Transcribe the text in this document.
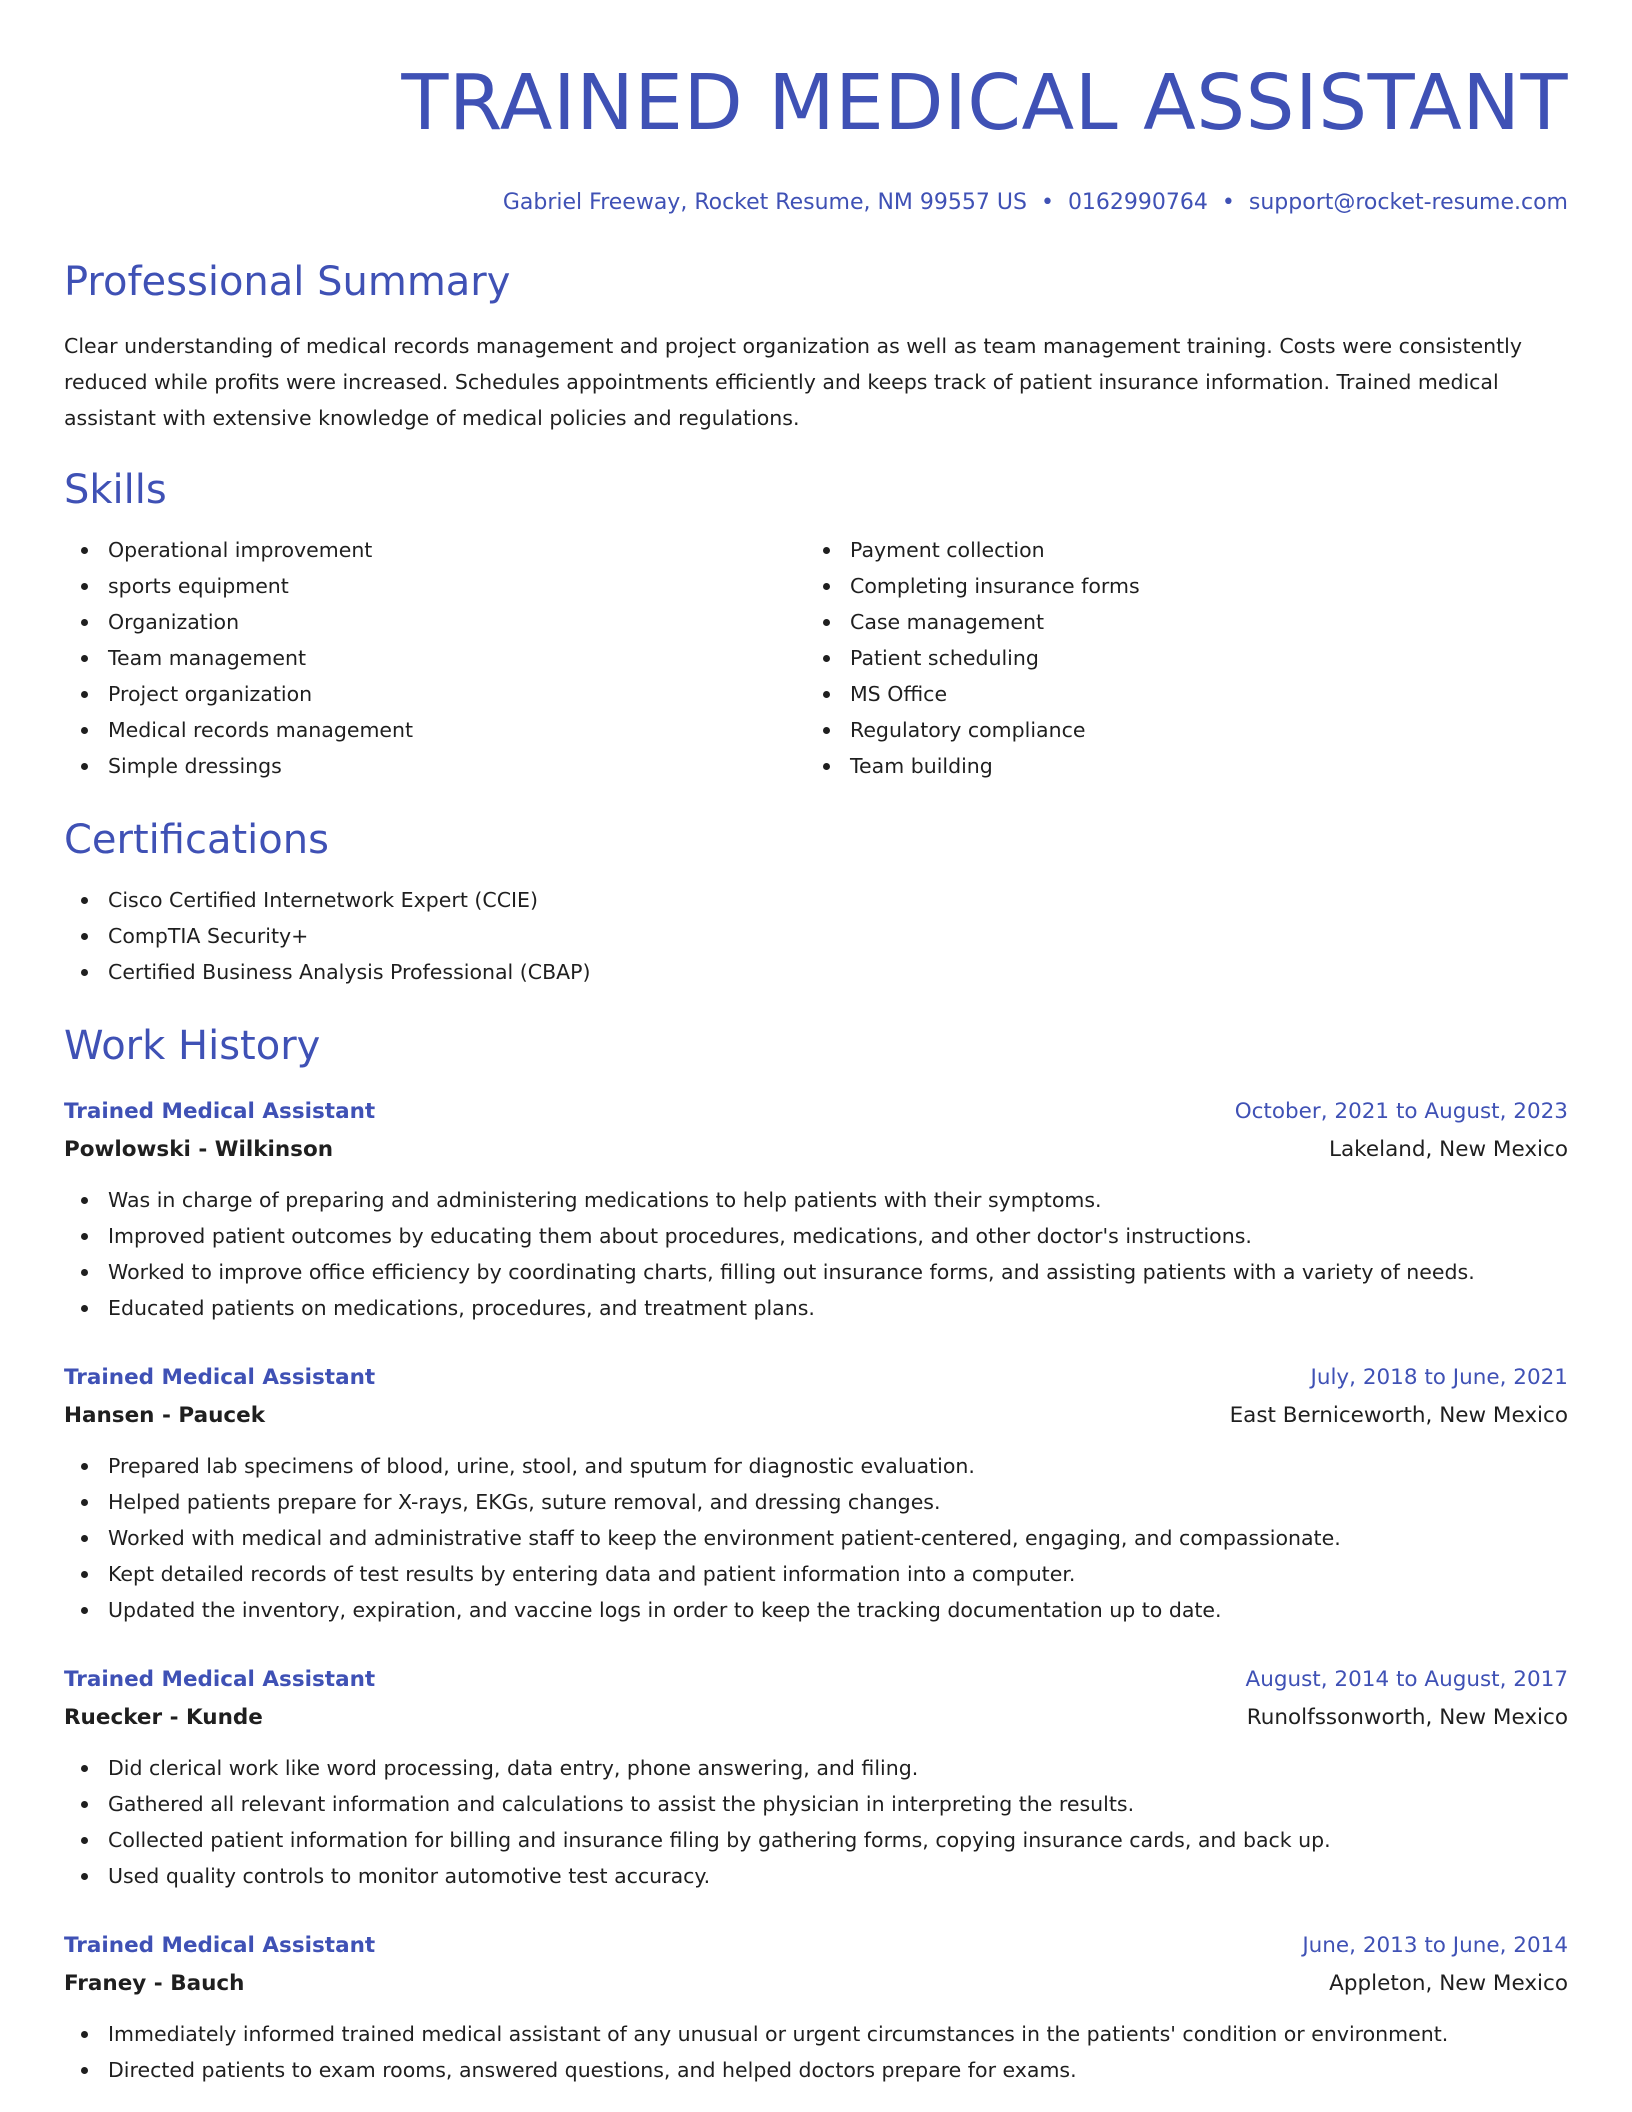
TRAINED MEDICAL ASSISTANT
Gabriel Freeway, Rocket Resume, NM 99557 US • 0162990764 • support@rocket-resume.com
Professional Summary
Clear understanding of medical records management and project organization as well as team management training. Costs were consistently reduced while profits were increased. Schedules appointments efficiently and keeps track of patient insurance information. Trained medical assistant with extensive knowledge of medical policies and regulations.
Skills
Operational improvement
sports equipment
Organization
Team management
Project organization
Medical records management
Simple dressings
Payment collection
Completing insurance forms
Case management
Patient scheduling
MS Office
Regulatory compliance
Team building
Certifications
Cisco Certified Internetwork Expert (CCIE)
CompTIA Security+
Certified Business Analysis Professional (CBAP)
Work History
Trained Medical Assistant	October, 2021 to August, 2023
Powlowski - Wilkinson	Lakeland, New Mexico
Was in charge of preparing and administering medications to help patients with their symptoms.
Improved patient outcomes by educating them about procedures, medications, and other doctor's instructions.
Worked to improve office efficiency by coordinating charts, filling out insurance forms, and assisting patients with a variety of needs.
Educated patients on medications, procedures, and treatment plans.
Trained Medical Assistant	July, 2018 to June, 2021
Hansen - Paucek	East Berniceworth, New Mexico
Prepared lab specimens of blood, urine, stool, and sputum for diagnostic evaluation.
Helped patients prepare for X-rays, EKGs, suture removal, and dressing changes.
Worked with medical and administrative staff to keep the environment patient-centered, engaging, and compassionate.
Kept detailed records of test results by entering data and patient information into a computer.
Updated the inventory, expiration, and vaccine logs in order to keep the tracking documentation up to date.
Trained Medical Assistant	August, 2014 to August, 2017
Ruecker - Kunde	Runolfssonworth, New Mexico
Did clerical work like word processing, data entry, phone answering, and filing.
Gathered all relevant information and calculations to assist the physician in interpreting the results.
Collected patient information for billing and insurance filing by gathering forms, copying insurance cards, and back up.
Used quality controls to monitor automotive test accuracy.
Trained Medical Assistant	June, 2013 to June, 2014
Franey - Bauch	Appleton, New Mexico
Immediately informed trained medical assistant of any unusual or urgent circumstances in the patients' condition or environment.
Directed patients to exam rooms, answered questions, and helped doctors prepare for exams.
